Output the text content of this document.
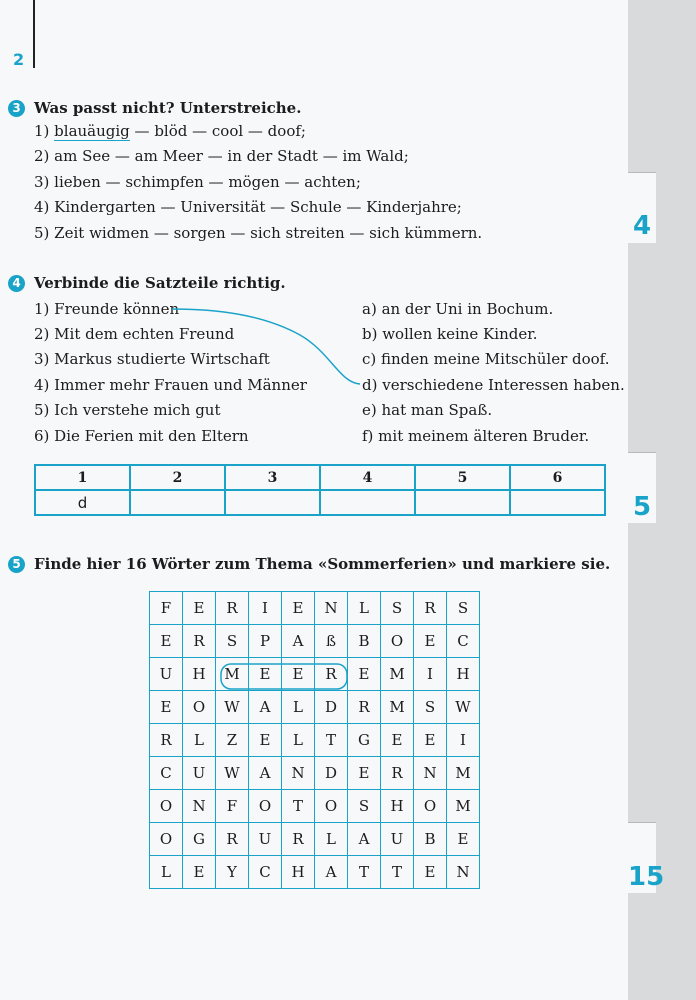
4
5
15
2
3 Was passt nicht? Unterstreiche.
1) blauäugig — blöd — cool — doof;
2) am See — am Meer — in der Stadt — im Wald;
3) lieben — schimpfen — mögen — achten;
4) Kindergarten — Universität — Schule — Kinderjahre;
5) Zeit widmen — sorgen — sich streiten — sich kümmern.
4 Verbinde die Satzteile richtig.
1) Freunde können
2) Mit dem echten Freund
3) Markus studierte Wirtschaft
4) Immer mehr Frauen und Männer
5) Ich verstehe mich gut
6) Die Ferien mit den Eltern
a) an der Uni in Bochum.
b) wollen keine Kinder.
c) finden meine Mitschüler doof.
d) verschiedene Interessen haben.
e) hat man Spaß.
f) mit meinem älteren Bruder.
1	2	3	4	5	6
d					
5 Finde hier 16 Wörter zum Thema «Sommerferien» und markiere sie.
F	E	R	I	E	N	L	S	R	S
E	R	S	P	A	ß	B	O	E	C
U	H	M	E	E	R	E	M	I	H
E	O	W	A	L	D	R	M	S	W
R	L	Z	E	L	T	G	E	E	I
C	U	W	A	N	D	E	R	N	M
O	N	F	O	T	O	S	H	O	M
O	G	R	U	R	L	A	U	B	E
L	E	Y	C	H	A	T	T	E	N
